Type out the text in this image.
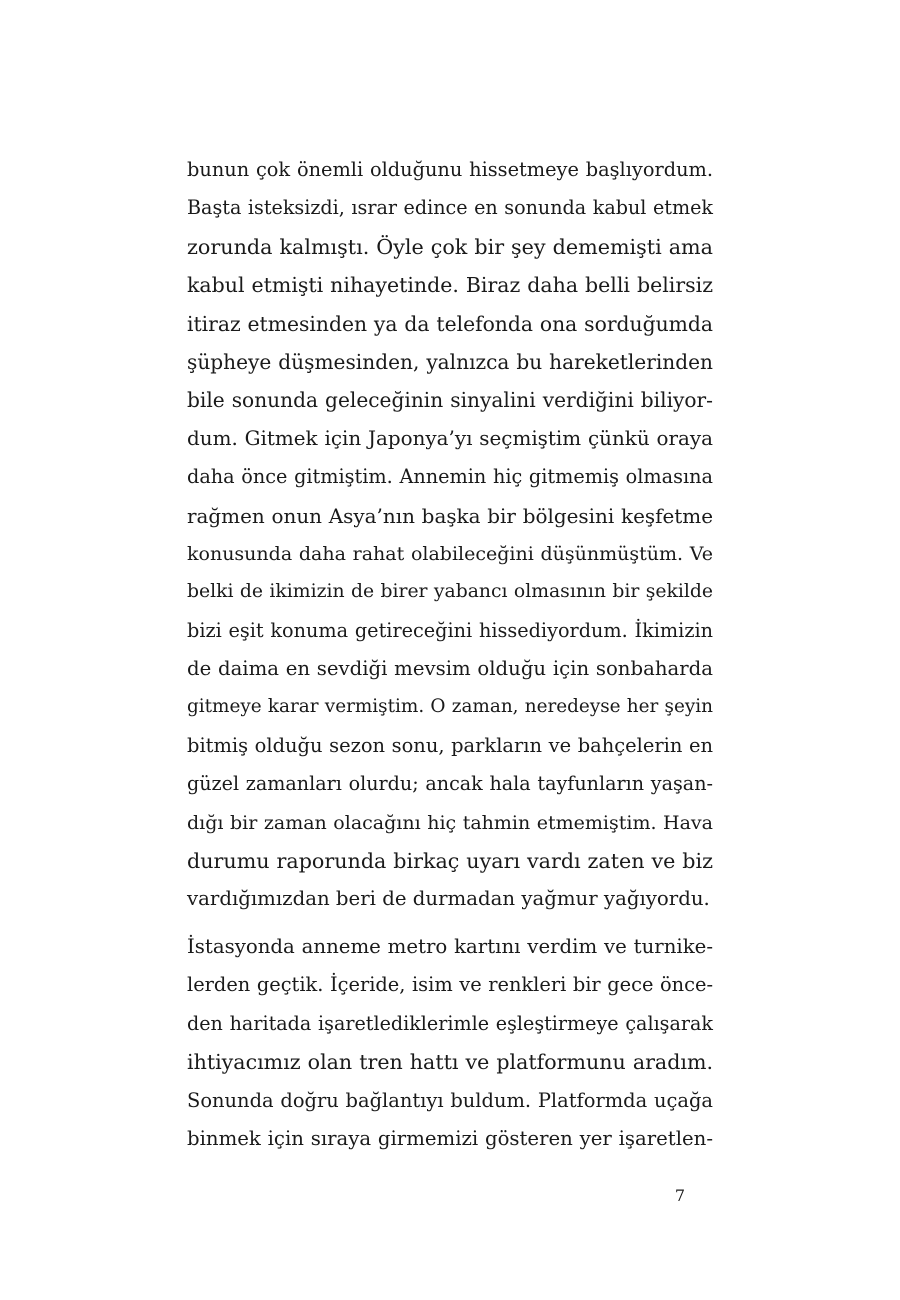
bunun çok önemli olduğunu hissetmeye başlıyordum.
Başta isteksizdi, ısrar edince en sonunda kabul etmek
zorunda kalmıştı. Öyle çok bir şey dememişti ama
kabul etmişti nihayetinde. Biraz daha belli belirsiz
itiraz etmesinden ya da telefonda ona sorduğumda
şüpheye düşmesinden, yalnızca bu hareketlerinden
bile sonunda geleceğinin sinyalini verdiğini biliyor-
dum. Gitmek için Japonya’yı seçmiştim çünkü oraya
daha önce gitmiştim. Annemin hiç gitmemiş olmasına
rağmen onun Asya’nın başka bir bölgesini keşfetme
konusunda daha rahat olabileceğini düşünmüştüm. Ve
belki de ikimizin de birer yabancı olmasının bir şekilde
bizi eşit konuma getireceğini hissediyordum. İkimizin
de daima en sevdiği mevsim olduğu için sonbaharda
gitmeye karar vermiştim. O zaman, neredeyse her şeyin
bitmiş olduğu sezon sonu, parkların ve bahçelerin en
güzel zamanları olurdu; ancak hala tayfunların yaşan-
dığı bir zaman olacağını hiç tahmin etmemiştim. Hava
durumu raporunda birkaç uyarı vardı zaten ve biz
vardığımızdan beri de durmadan yağmur yağıyordu.
İstasyonda anneme metro kartını verdim ve turnike-
lerden geçtik. İçeride, isim ve renkleri bir gece önce-
den haritada işaretlediklerimle eşleştirmeye çalışarak
ihtiyacımız olan tren hattı ve platformunu aradım.
Sonunda doğru bağlantıyı buldum. Platformda uçağa
binmek için sıraya girmemizi gösteren yer işaretlen-
7
